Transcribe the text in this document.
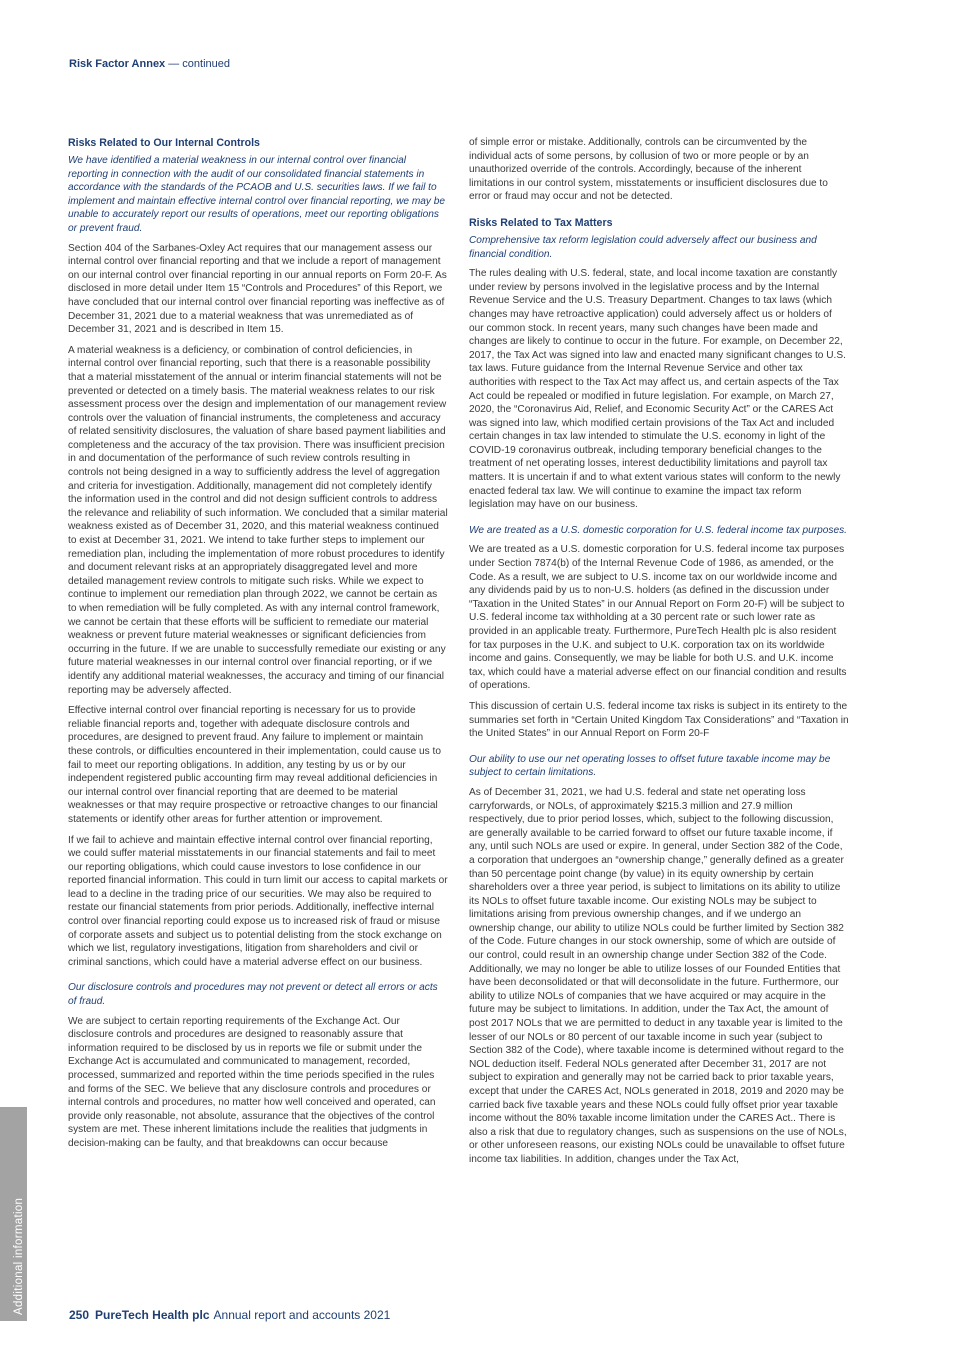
Risk Factor Annex — continued
Risks Related to Our Internal Controls
We have identified a material weakness in our internal control over financial reporting in connection with the audit of our consolidated financial statements in accordance with the standards of the PCAOB and U.S. securities laws. If we fail to implement and maintain effective internal control over financial reporting, we may be unable to accurately report our results of operations, meet our reporting obligations or prevent fraud.

Section 404 of the Sarbanes-Oxley Act requires that our management assess our internal control over financial reporting and that we include a report of management on our internal control over financial reporting in our annual reports on Form 20-F. As disclosed in more detail under Item 15 “Controls and Procedures” of this Report, we have concluded that our internal control over financial reporting was ineffective as of December 31, 2021 due to a material weakness that was unremediated as of December 31, 2021 and is described in Item 15.

A material weakness is a deficiency, or combination of control deficiencies, in internal control over financial reporting, such that there is a reasonable possibility that a material misstatement of the annual or interim financial statements will not be prevented or detected on a timely basis. The material weakness relates to our risk assessment process over the design and implementation of our management review controls over the valuation of financial instruments, the completeness and accuracy of related sensitivity disclosures, the valuation of share based payment liabilities and completeness and the accuracy of the tax provision. There was insufficient precision in and documentation of the performance of such review controls resulting in controls not being designed in a way to sufficiently address the level of aggregation and criteria for investigation. Additionally, management did not completely identify the information used in the control and did not design sufficient controls to address the relevance and reliability of such information. We concluded that a similar material weakness existed as of December 31, 2020, and this material weakness continued to exist at December 31, 2021. We intend to take further steps to implement our remediation plan, including the implementation of more robust procedures to identify and document relevant risks at an appropriately disaggregated level and more detailed management review controls to mitigate such risks. While we expect to continue to implement our remediation plan through 2022, we cannot be certain as to when remediation will be fully completed. As with any internal control framework, we cannot be certain that these efforts will be sufficient to remediate our material weakness or prevent future material weaknesses or significant deficiencies from occurring in the future. If we are unable to successfully remediate our existing or any future material weaknesses in our internal control over financial reporting, or if we identify any additional material weaknesses, the accuracy and timing of our financial reporting may be adversely affected.

Effective internal control over financial reporting is necessary for us to provide reliable financial reports and, together with adequate disclosure controls and procedures, are designed to prevent fraud. Any failure to implement or maintain these controls, or difficulties encountered in their implementation, could cause us to fail to meet our reporting obligations. In addition, any testing by us or by our independent registered public accounting firm may reveal additional deficiencies in our internal control over financial reporting that are deemed to be material weaknesses or that may require prospective or retroactive changes to our financial statements or identify other areas for further attention or improvement.

If we fail to achieve and maintain effective internal control over financial reporting, we could suffer material misstatements in our financial statements and fail to meet our reporting obligations, which could cause investors to lose confidence in our reported financial information. This could in turn limit our access to capital markets or lead to a decline in the trading price of our securities. We may also be required to restate our financial statements from prior periods. Additionally, ineffective internal control over financial reporting could expose us to increased risk of fraud or misuse of corporate assets and subject us to potential delisting from the stock exchange on which we list, regulatory investigations, litigation from shareholders and civil or criminal sanctions, which could have a material adverse effect on our business.

Our disclosure controls and procedures may not prevent or detect all errors or acts of fraud.

We are subject to certain reporting requirements of the Exchange Act. Our disclosure controls and procedures are designed to reasonably assure that information required to be disclosed by us in reports we file or submit under the Exchange Act is accumulated and communicated to management, recorded, processed, summarized and reported within the time periods specified in the rules and forms of the SEC. We believe that any disclosure controls and procedures or internal controls and procedures, no matter how well conceived and operated, can provide only reasonable, not absolute, assurance that the objectives of the control system are met. These inherent limitations include the realities that judgments in decision-making can be faulty, and that breakdowns can occur because

of simple error or mistake. Additionally, controls can be circumvented by the individual acts of some persons, by collusion of two or more people or by an unauthorized override of the controls. Accordingly, because of the inherent limitations in our control system, misstatements or insufficient disclosures due to error or fraud may occur and not be detected.

Risks Related to Tax Matters
Comprehensive tax reform legislation could adversely affect our business and financial condition.

The rules dealing with U.S. federal, state, and local income taxation are constantly under review by persons involved in the legislative process and by the Internal Revenue Service and the U.S. Treasury Department. Changes to tax laws (which changes may have retroactive application) could adversely affect us or holders of our common stock. In recent years, many such changes have been made and changes are likely to continue to occur in the future. For example, on December 22, 2017, the Tax Act was signed into law and enacted many significant changes to U.S. tax laws. Future guidance from the Internal Revenue Service and other tax authorities with respect to the Tax Act may affect us, and certain aspects of the Tax Act could be repealed or modified in future legislation. For example, on March 27, 2020, the “Coronavirus Aid, Relief, and Economic Security Act” or the CARES Act was signed into law, which modified certain provisions of the Tax Act and included certain changes in tax law intended to stimulate the U.S. economy in light of the COVID-19 coronavirus outbreak, including temporary beneficial changes to the treatment of net operating losses, interest deductibility limitations and payroll tax matters. It is uncertain if and to what extent various states will conform to the newly enacted federal tax law. We will continue to examine the impact tax reform legislation may have on our business.

We are treated as a U.S. domestic corporation for U.S. federal income tax purposes.

We are treated as a U.S. domestic corporation for U.S. federal income tax purposes under Section 7874(b) of the Internal Revenue Code of 1986, as amended, or the Code. As a result, we are subject to U.S. income tax on our worldwide income and any dividends paid by us to non-U.S. holders (as defined in the discussion under “Taxation in the United States” in our Annual Report on Form 20-F) will be subject to U.S. federal income tax withholding at a 30 percent rate or such lower rate as provided in an applicable treaty. Furthermore, PureTech Health plc is also resident for tax purposes in the U.K. and subject to U.K. corporation tax on its worldwide income and gains. Consequently, we may be liable for both U.S. and U.K. income tax, which could have a material adverse effect on our financial condition and results of operations.

This discussion of certain U.S. federal income tax risks is subject in its entirety to the summaries set forth in “Certain United Kingdom Tax Considerations” and “Taxation in the United States” in our Annual Report on Form 20-F

Our ability to use our net operating losses to offset future taxable income may be subject to certain limitations.

As of December 31, 2021, we had U.S. federal and state net operating loss carryforwards, or NOLs, of approximately $215.3 million and 27.9 million respectively, due to prior period losses, which, subject to the following discussion, are generally available to be carried forward to offset our future taxable income, if any, until such NOLs are used or expire. In general, under Section 382 of the Code, a corporation that undergoes an “ownership change,” generally defined as a greater than 50 percentage point change (by value) in its equity ownership by certain shareholders over a three year period, is subject to limitations on its ability to utilize its NOLs to offset future taxable income. Our existing NOLs may be subject to limitations arising from previous ownership changes, and if we undergo an ownership change, our ability to utilize NOLs could be further limited by Section 382 of the Code. Future changes in our stock ownership, some of which are outside of our control, could result in an ownership change under Section 382 of the Code. Additionally, we may no longer be able to utilize losses of our Founded Entities that have been deconsolidated or that will deconsolidate in the future. Furthermore, our ability to utilize NOLs of companies that we have acquired or may acquire in the future may be subject to limitations. In addition, under the Tax Act, the amount of post 2017 NOLs that we are permitted to deduct in any taxable year is limited to the lesser of our NOLs or 80 percent of our taxable income in such year (subject to Section 382 of the Code), where taxable income is determined without regard to the NOL deduction itself. Federal NOLs generated after December 31, 2017 are not subject to expiration and generally may not be carried back to prior taxable years, except that under the CARES Act, NOLs generated in 2018, 2019 and 2020 may be carried back five taxable years and these NOLs could fully offset prior year taxable income without the 80% taxable income limitation under the CARES Act.. There is also a risk that due to regulatory changes, such as suspensions on the use of NOLs, or other unforeseen reasons, our existing NOLs could be unavailable to offset future income tax liabilities. In addition, changes under the Tax Act,

Additional information	250 PureTech Health plc Annual report and accounts 2021
